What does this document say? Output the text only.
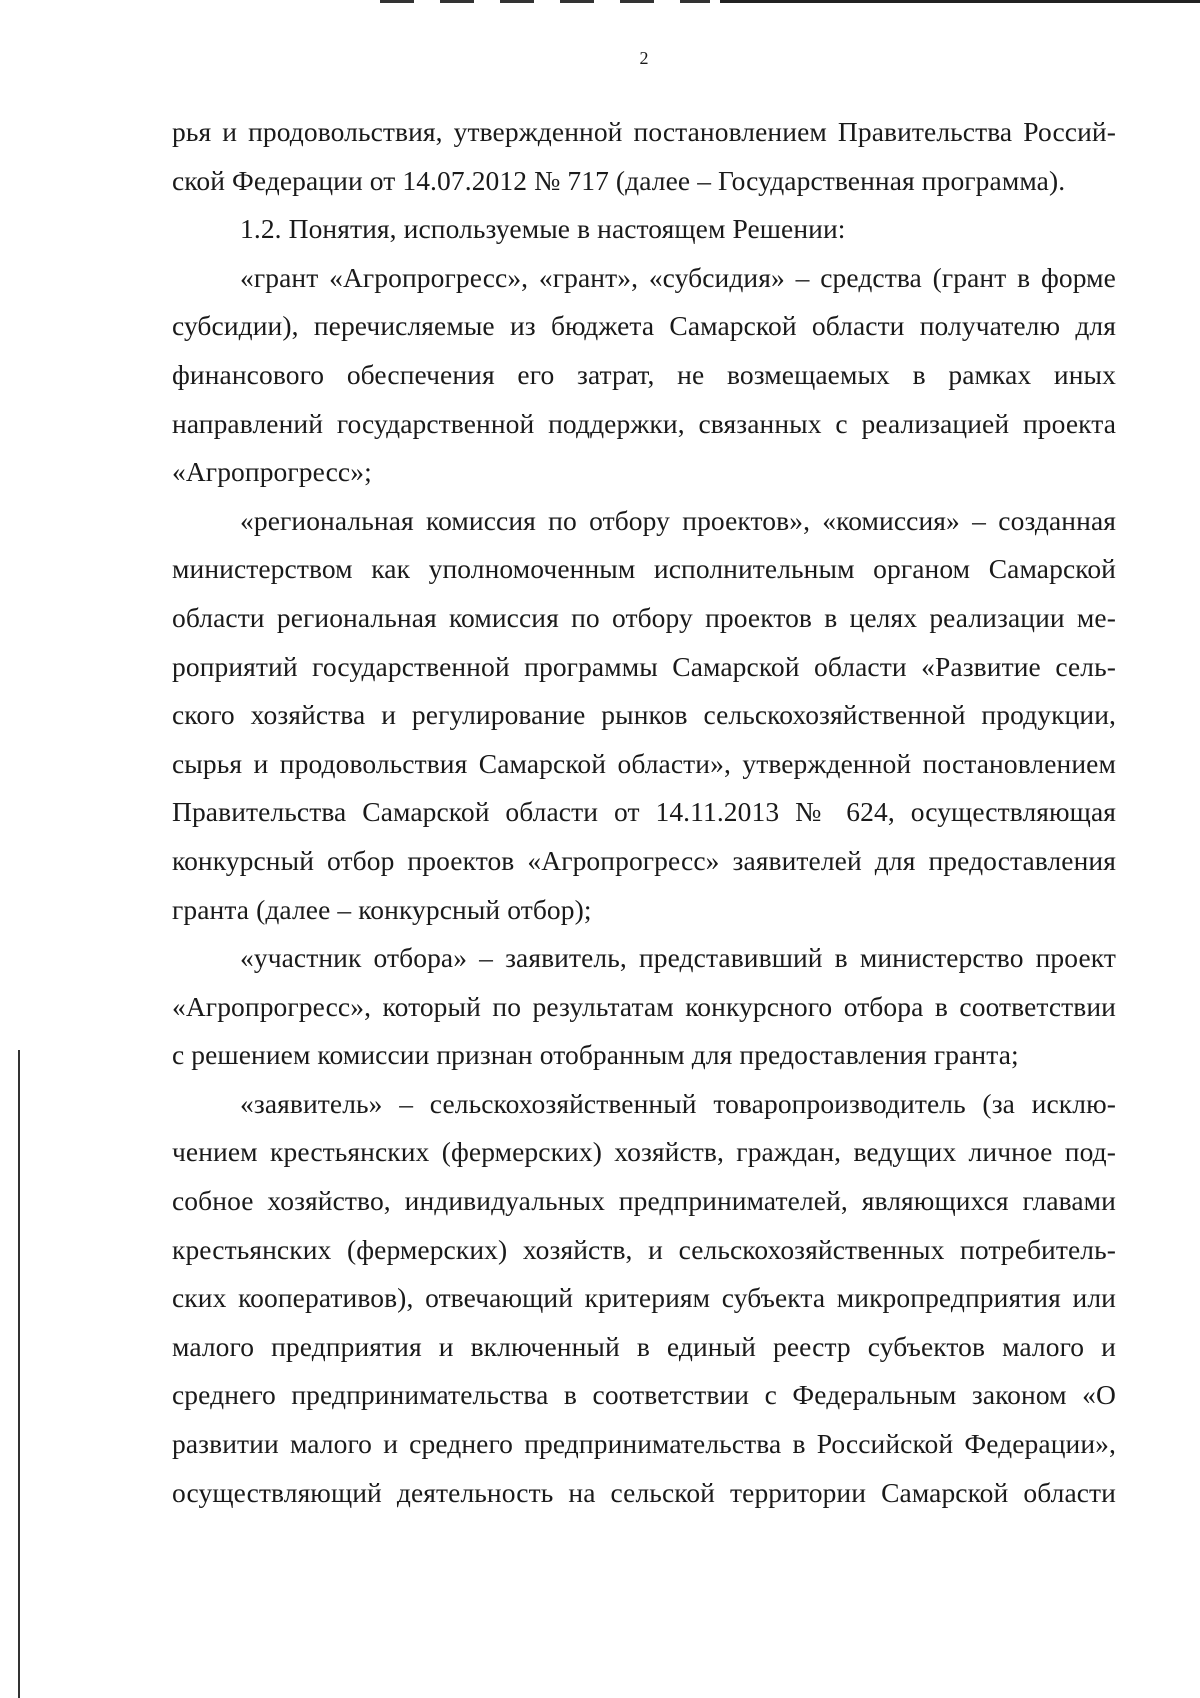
2
рья и продовольствия, утвержденной постановлением Правительства Россий-
ской Федерации от 14.07.2012 № 717 (далее – Государственная программа).
1.2. Понятия, используемые в настоящем Решении:
«грант «Агропрогресс», «грант», «субсидия» – средства (грант в форме
субсидии), перечисляемые из бюджета Самарской области получателю для
финансового обеспечения его затрат, не возмещаемых в рамках иных
направлений государственной поддержки, связанных с реализацией проекта
«Агропрогресс»;
«региональная комиссия по отбору проектов», «комиссия» – созданная
министерством как уполномоченным исполнительным органом Самарской
области региональная комиссия по отбору проектов в целях реализации ме-
роприятий государственной программы Самарской области «Развитие сель-
ского хозяйства и регулирование рынков сельскохозяйственной продукции,
сырья и продовольствия Самарской области», утвержденной постановлением
Правительства Самарской области от 14.11.2013 № 624, осуществляющая
конкурсный отбор проектов «Агропрогресс» заявителей для предоставления
гранта (далее – конкурсный отбор);
«участник отбора» – заявитель, представивший в министерство проект
«Агропрогресс», который по результатам конкурсного отбора в соответствии
с решением комиссии признан отобранным для предоставления гранта;
«заявитель» – сельскохозяйственный товаропроизводитель (за исклю-
чением крестьянских (фермерских) хозяйств, граждан, ведущих личное под-
собное хозяйство, индивидуальных предпринимателей, являющихся главами
крестьянских (фермерских) хозяйств, и сельскохозяйственных потребитель-
ских кооперативов), отвечающий критериям субъекта микропредприятия или
малого предприятия и включенный в единый реестр субъектов малого и
среднего предпринимательства в соответствии с Федеральным законом «О
развитии малого и среднего предпринимательства в Российской Федерации»,
осуществляющий деятельность на сельской территории Самарской области
